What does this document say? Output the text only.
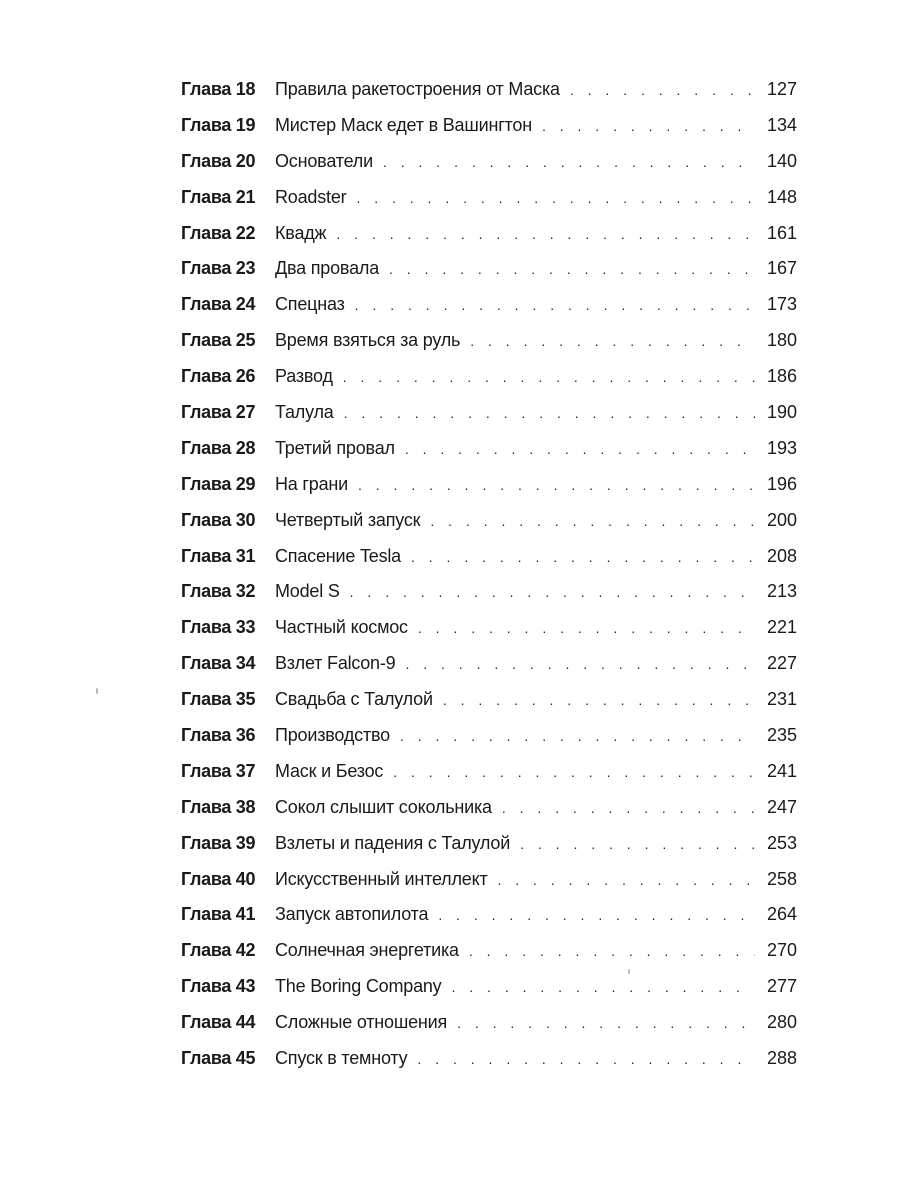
Глава 18	Правила ракетостроения от Маска . . .	127
Глава 19	Мистер Маск едет в Вашингтон . . .	134
Глава 20	Основатели . . .	140
Глава 21	Roadster . . .	148
Глава 22	Квадж . . .	161
Глава 23	Два провала . . .	167
Глава 24	Спецназ . . .	173
Глава 25	Время взяться за руль . . .	180
Глава 26	Развод . . .	186
Глава 27	Талула . . .	190
Глава 28	Третий провал . . .	193
Глава 29	На грани . . .	196
Глава 30	Четвертый запуск . . .	200
Глава 31	Спасение Tesla . . .	208
Глава 32	Model S . . .	213
Глава 33	Частный космос . . .	221
Глава 34	Взлет Falcon-9 . . .	227
Глава 35	Свадьба с Талулой . . .	231
Глава 36	Производство . . .	235
Глава 37	Маск и Безос . . .	241
Глава 38	Сокол слышит сокольника . . .	247
Глава 39	Взлеты и падения с Талулой . . .	253
Глава 40	Искусственный интеллект . . .	258
Глава 41	Запуск автопилота . . .	264
Глава 42	Солнечная энергетика . . .	270
Глава 43	The Boring Company . . .	277
Глава 44	Сложные отношения . . .	280
Глава 45	Спуск в темноту . . .	288
